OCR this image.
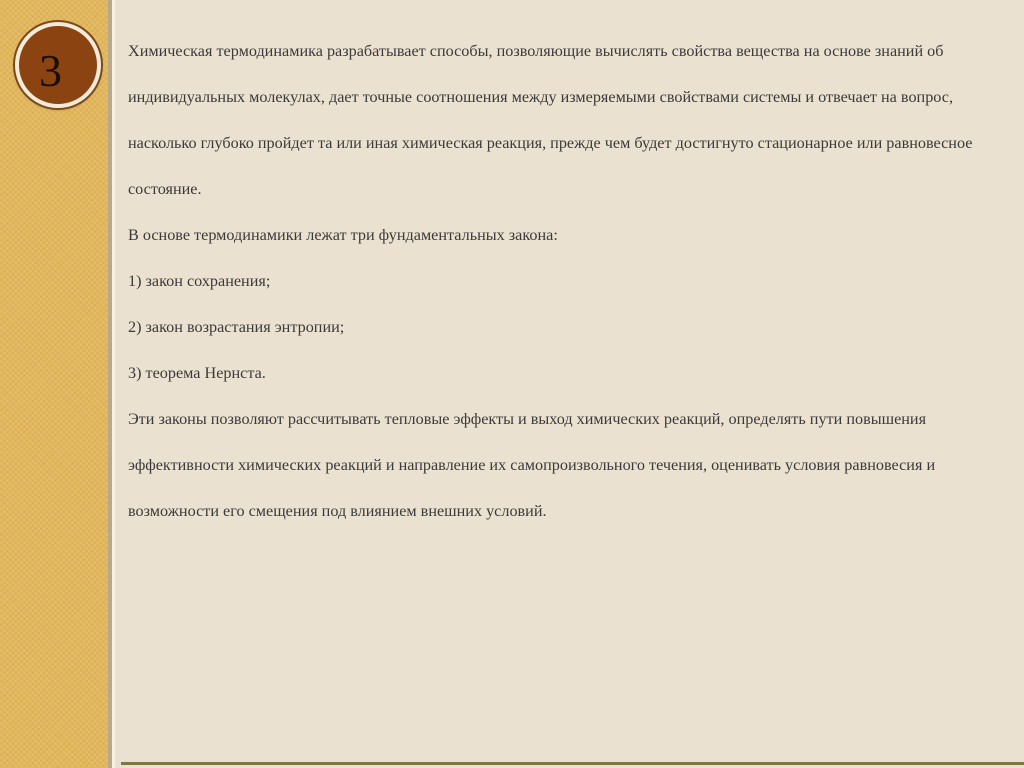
3	Химическая термодинамика разрабатывает способы, позволяющие вычислять свойства вещества на основе знаний об индивидуальных молекулах, дает точные соотношения между измеряемыми свойствами системы и отвечает на вопрос, насколько глубоко пройдет та или иная химическая реакция, прежде чем будет достигнуто стационарное или равновесное состояние.

В основе термодинамики лежат три фундаментальных закона:

1) закон сохранения;

2) закон возрастания энтропии;

3) теорема Нернста.

Эти законы позволяют рассчитывать тепловые эффекты и выход химических реакций, определять пути повышения эффективности химических реакций и направление их самопроизвольного течения, оценивать условия равновесия и возможности его смещения под влиянием внешних условий.
